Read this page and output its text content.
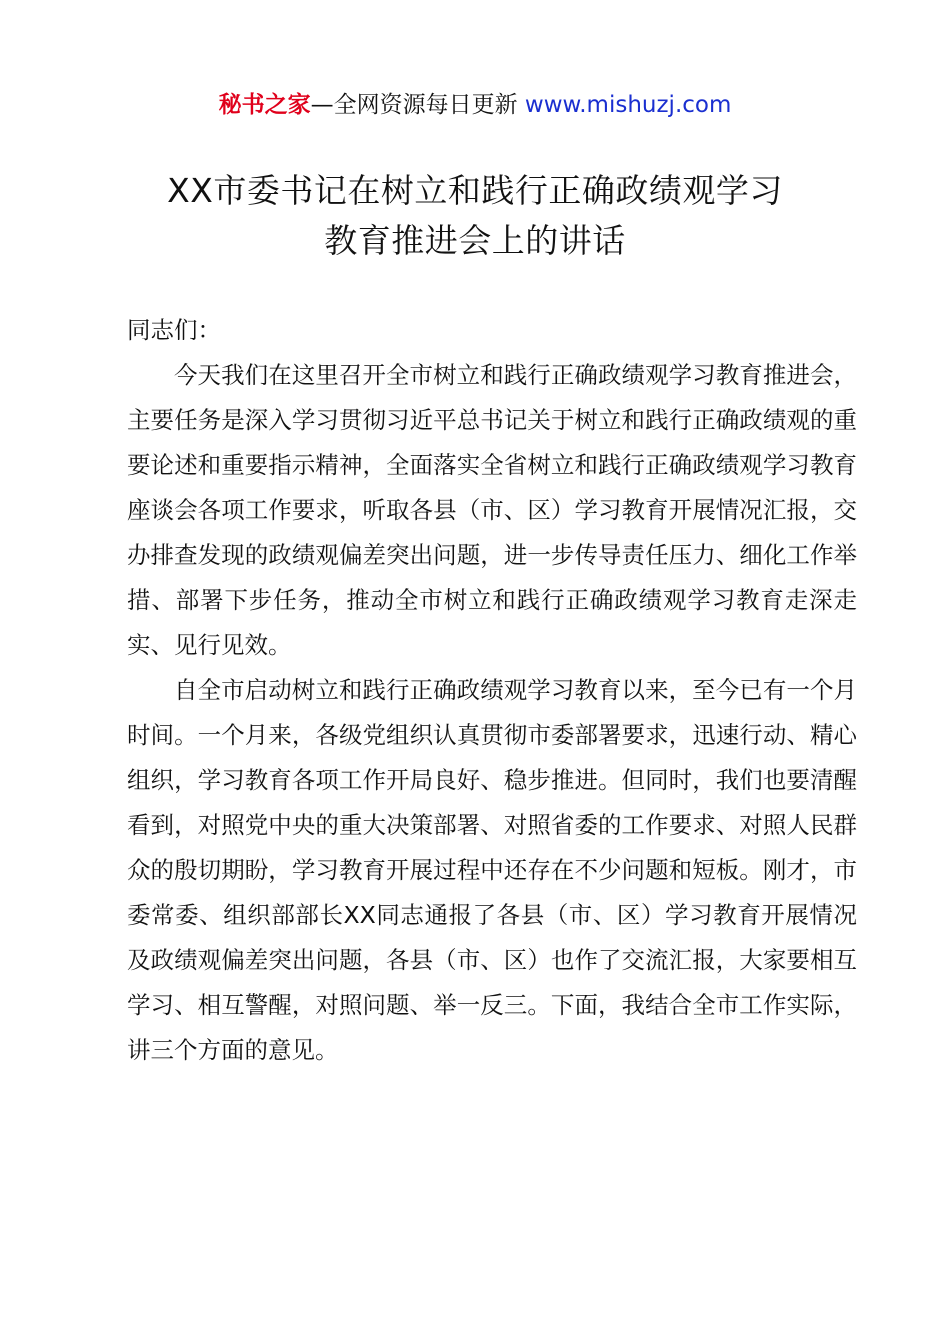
秘书之家—全网资源每日更新 www.mishuzj.com
XX市委书记在树立和践行正确政绩观学习
教育推进会上的讲话

同志们：

今天我们在这里召开全市树立和践行正确政绩观学习教育推进会，主要任务是深入学习贯彻习近平总书记关于树立和践行正确政绩观的重要论述和重要指示精神，全面落实全省树立和践行正确政绩观学习教育座谈会各项工作要求，听取各县（市、区）学习教育开展情况汇报，交办排查发现的政绩观偏差突出问题，进一步传导责任压力、细化工作举措、部署下步任务，推动全市树立和践行正确政绩观学习教育走深走实、见行见效。

自全市启动树立和践行正确政绩观学习教育以来，至今已有一个月时间。一个月来，各级党组织认真贯彻市委部署要求，迅速行动、精心组织，学习教育各项工作开局良好、稳步推进。但同时，我们也要清醒看到，对照党中央的重大决策部署、对照省委的工作要求、对照人民群众的殷切期盼，学习教育开展过程中还存在不少问题和短板。刚才，市委常委、组织部部长XX同志通报了各县（市、区）学习教育开展情况及政绩观偏差突出问题，各县（市、区）也作了交流汇报，大家要相互学习、相互警醒，对照问题、举一反三。下面，我结合全市工作实际，讲三个方面的意见。
